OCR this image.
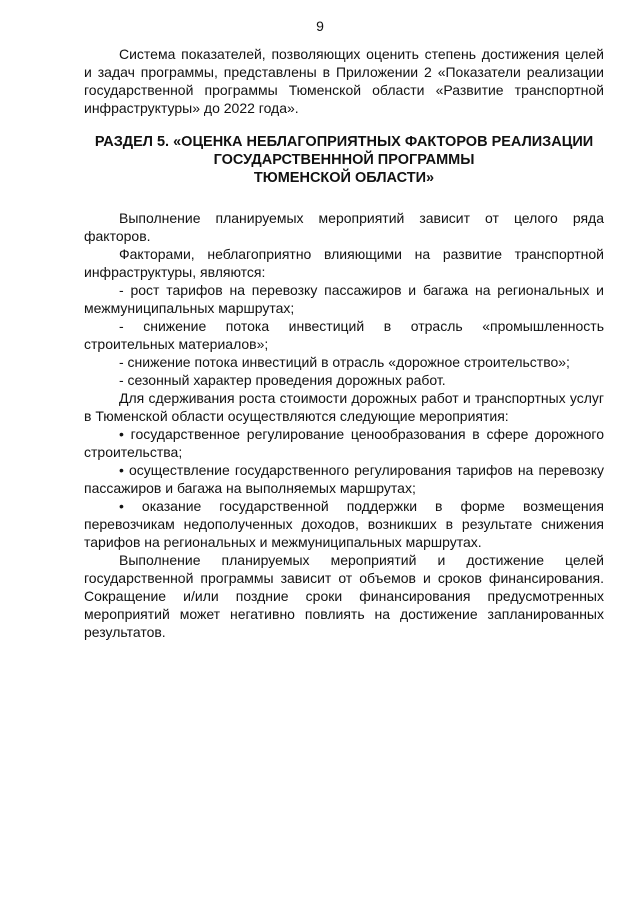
9

Система показателей, позволяющих оценить степень достижения целей и задач программы, представлены в Приложении 2 «Показатели реализации государственной программы Тюменской области «Развитие транспортной инфраструктуры» до 2022 года».

РАЗДЕЛ 5. «ОЦЕНКА НЕБЛАГОПРИЯТНЫХ ФАКТОРОВ РЕАЛИЗАЦИИ
ГОСУДАРСТВЕНННОЙ ПРОГРАММЫ
ТЮМЕНСКОЙ ОБЛАСТИ»

Выполнение планируемых мероприятий зависит от целого ряда факторов.

Факторами, неблагоприятно влияющими на развитие транспортной инфраструктуры, являются:

- рост тарифов на перевозку пассажиров и багажа на региональных и межмуниципальных маршрутах;

- снижение потока инвестиций в отрасль «промышленность строительных материалов»;

- снижение потока инвестиций в отрасль «дорожное строительство»;

- сезонный характер проведения дорожных работ.

Для сдерживания роста стоимости дорожных работ и транспортных услуг в Тюменской области осуществляются следующие мероприятия:

• государственное регулирование ценообразования в сфере дорожного строительства;

• осуществление государственного регулирования тарифов на перевозку пассажиров и багажа на выполняемых маршрутах;

• оказание государственной поддержки в форме возмещения перевозчикам недополученных доходов, возникших в результате снижения тарифов на региональных и межмуниципальных маршрутах.

Выполнение планируемых мероприятий и достижение целей государственной программы зависит от объемов и сроков финансирования. Сокращение и/или поздние сроки финансирования предусмотренных мероприятий может негативно повлиять на достижение запланированных результатов.
